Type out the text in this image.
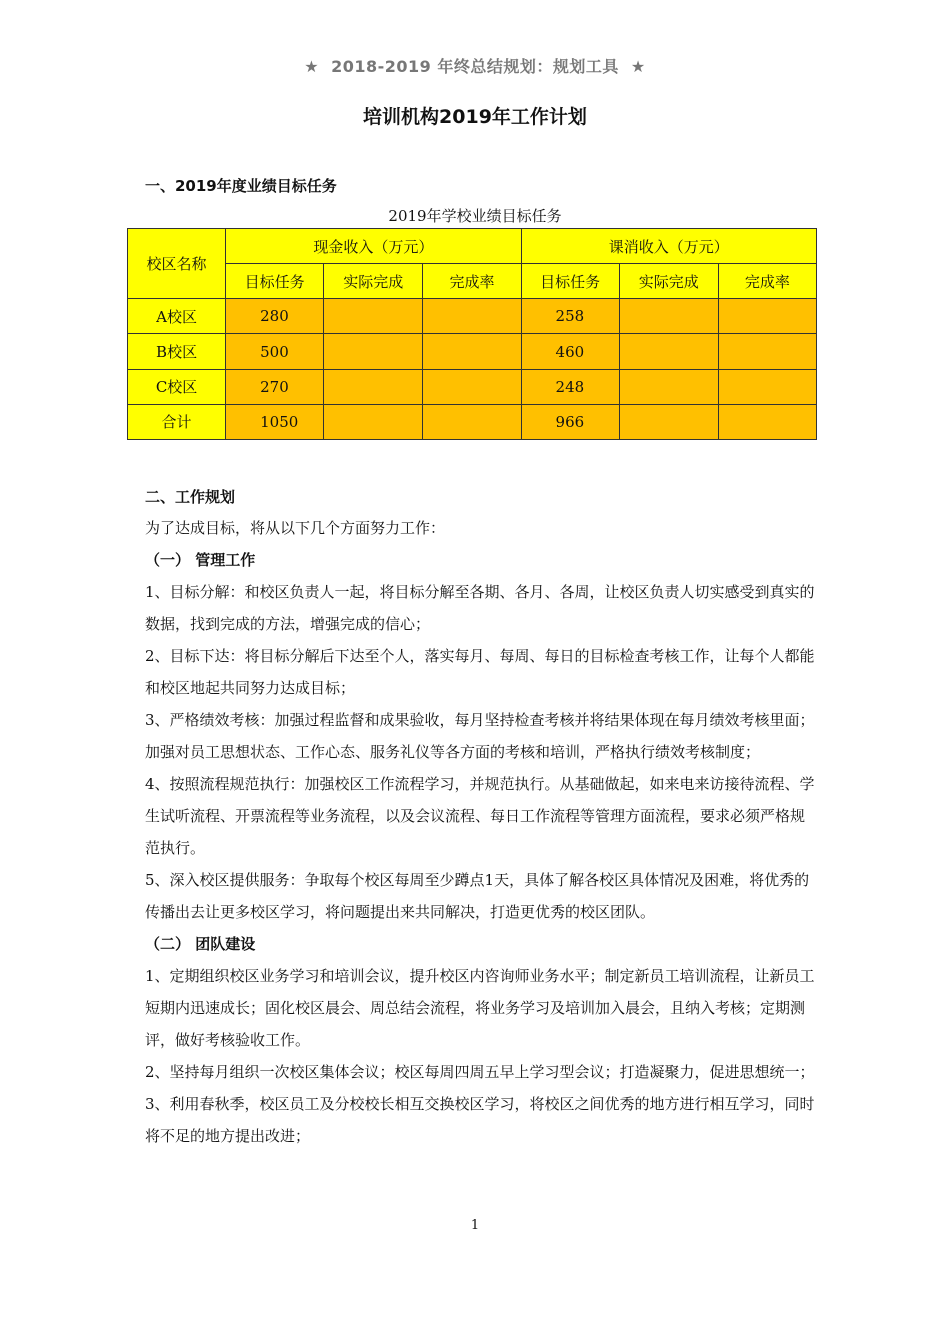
★ 2018-2019 年终总结规划：规划工具 ★
培训机构2019年工作计划
一、2019年度业绩目标任务
2019年学校业绩目标任务
校区名称	现金收入（万元）			课消收入（万元）		
	目标任务	实际完成	完成率	目标任务	实际完成	完成率
A校区	280			258		
B校区	500			460		
C校区	270			248		
合计	1050			966		
二、工作规划

为了达成目标，将从以下几个方面努力工作：

（一） 管理工作

1、目标分解：和校区负责人一起，将目标分解至各期、各月、各周，让校区负责人切实感受到真实的数据，找到完成的方法，增强完成的信心；

2、目标下达：将目标分解后下达至个人，落实每月、每周、每日的目标检查考核工作，让每个人都能和校区地起共同努力达成目标；

3、严格绩效考核：加强过程监督和成果验收，每月坚持检查考核并将结果体现在每月绩效考核里面；加强对员工思想状态、工作心态、服务礼仪等各方面的考核和培训，严格执行绩效考核制度；

4、按照流程规范执行：加强校区工作流程学习，并规范执行。从基础做起，如来电来访接待流程、学生试听流程、开票流程等业务流程，以及会议流程、每日工作流程等管理方面流程，要求必须严格规范执行。

5、深入校区提供服务：争取每个校区每周至少蹲点1天，具体了解各校区具体情况及困难，将优秀的传播出去让更多校区学习，将问题提出来共同解决，打造更优秀的校区团队。

（二） 团队建设

1、定期组织校区业务学习和培训会议，提升校区内咨询师业务水平；制定新员工培训流程，让新员工短期内迅速成长；固化校区晨会、周总结会流程，将业务学习及培训加入晨会，且纳入考核；定期测评，做好考核验收工作。

2、坚持每月组织一次校区集体会议；校区每周四周五早上学习型会议；打造凝聚力，促进思想统一；

3、利用春秋季，校区员工及分校校长相互交换校区学习，将校区之间优秀的地方进行相互学习，同时将不足的地方提出改进；

1
